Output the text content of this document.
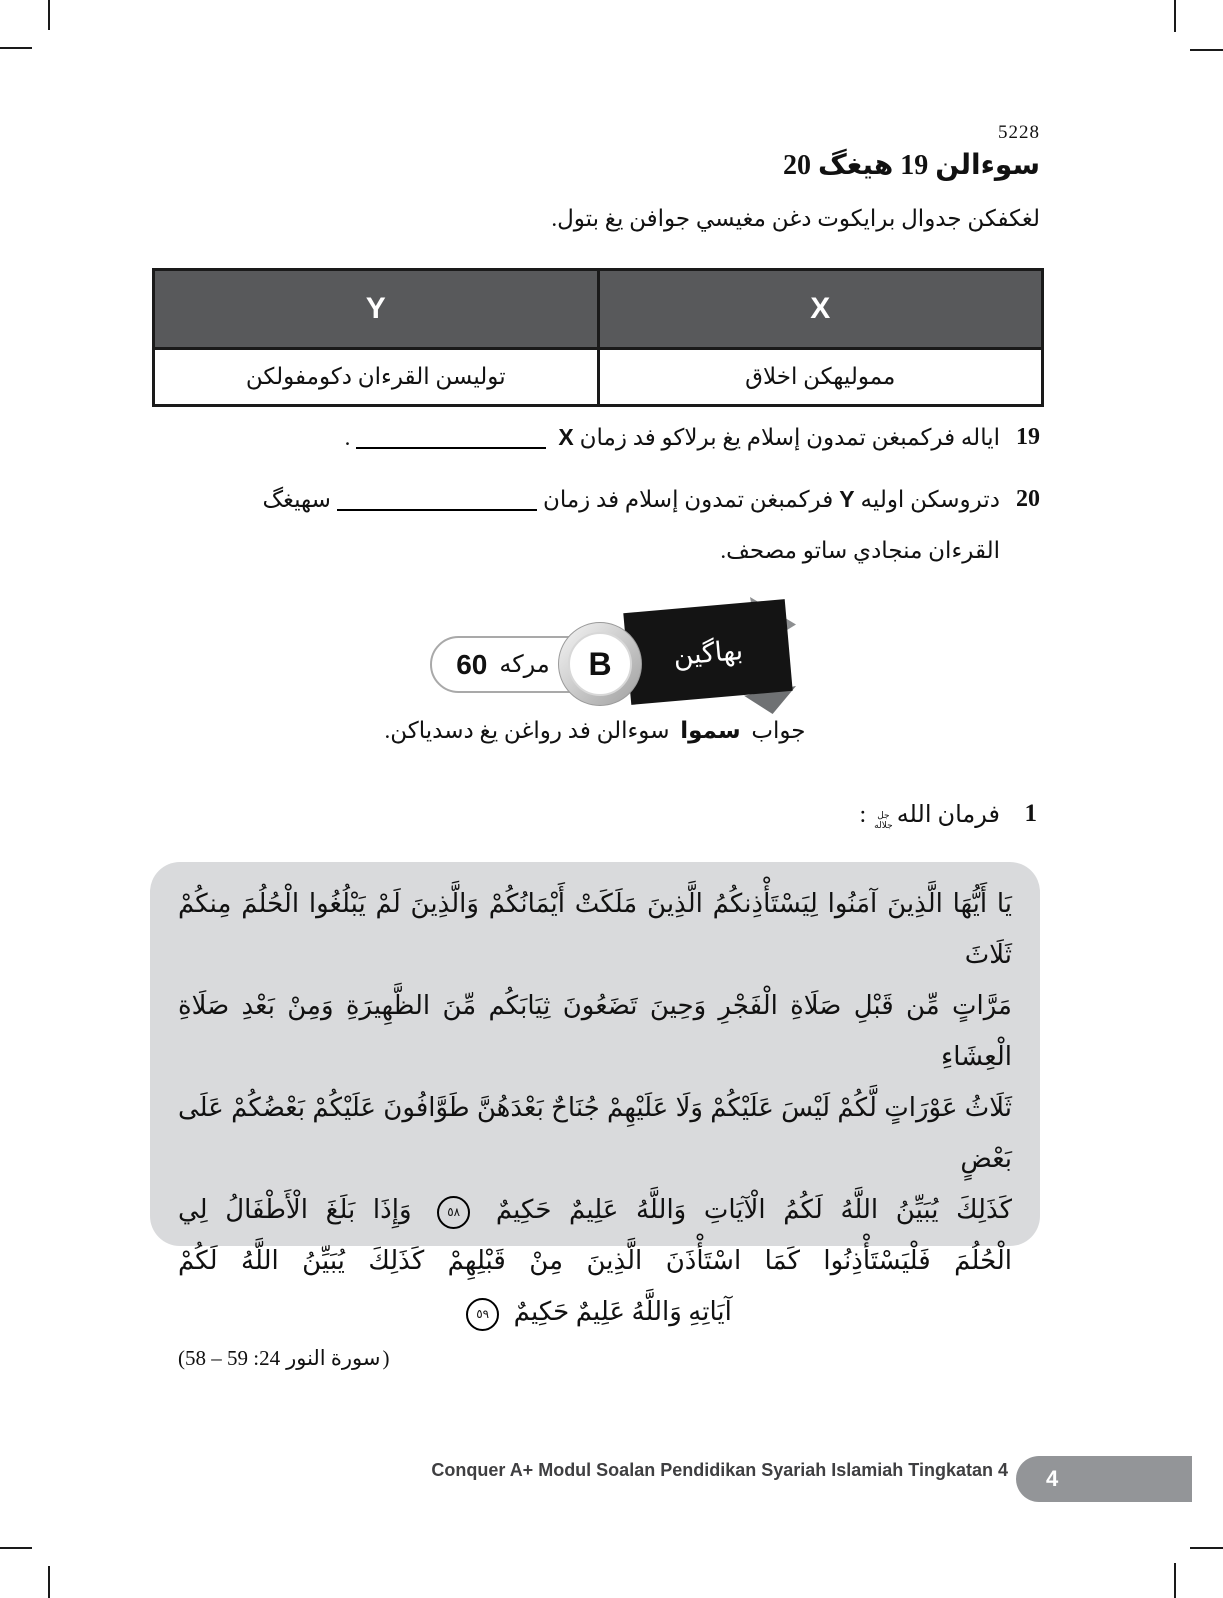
5228
سوءالن 19 هيغگ 20
لغكفكن جدوال برايكوت دغن مغيسي جوافن يغ بتول.
Y	X
توليسن القرءان دكومفولكن	مموليهكن اخلاق
19
X اياله فركمبغن تمدون إسلام يغ برلاكو فد زمان.
20
فركمبغن تمدون إسلام فد زمان Y دتروسكن اوليهسهيغگ
القرءان منجادي ساتو مصحف.
60 مركه	بهاگين
B
جواب سموا سوءالن فد رواغن يغ دسدياكن.
1
فرمان الله
جل
جلاله
:
يَا أَيُّهَا الَّذِينَ آمَنُوا لِيَسْتَأْذِنكُمُ الَّذِينَ مَلَكَتْ أَيْمَانُكُمْ وَالَّذِينَ لَمْ يَبْلُغُوا الْحُلُمَ مِنكُمْ ثَلَاثَ
مَرَّاتٍ مِّن قَبْلِ صَلَاةِ الْفَجْرِ وَحِينَ تَضَعُونَ ثِيَابَكُم مِّنَ الظَّهِيرَةِ وَمِنْ بَعْدِ صَلَاةِ الْعِشَاءِ
ثَلَاثُ عَوْرَاتٍ لَّكُمْ لَيْسَ عَلَيْكُمْ وَلَا عَلَيْهِمْ جُنَاحٌ بَعْدَهُنَّ طَوَّافُونَ عَلَيْكُمْ بَعْضُكُمْ عَلَى بَعْضٍ
كَذَلِكَ يُبَيِّنُ اللَّهُ لَكُمُ الْآيَاتِ وَاللَّهُ عَلِيمٌ حَكِيمٌ ٥٨ وَإِذَا بَلَغَ الْأَطْفَالُ لِي
الْحُلُمَ فَلْيَسْتَأْذِنُوا كَمَا اسْتَأْذَنَ الَّذِينَ مِنْ قَبْلِهِمْ كَذَلِكَ يُبَيِّنُ اللَّهُ لَكُمْ
آيَاتِهِ وَاللَّهُ عَلِيمٌ حَكِيمٌ ٥٩
(58 – 59 :24 سورة النور)
Conquer A+ Modul Soalan Pendidikan Syariah Islamiah Tingkatan 4	4
